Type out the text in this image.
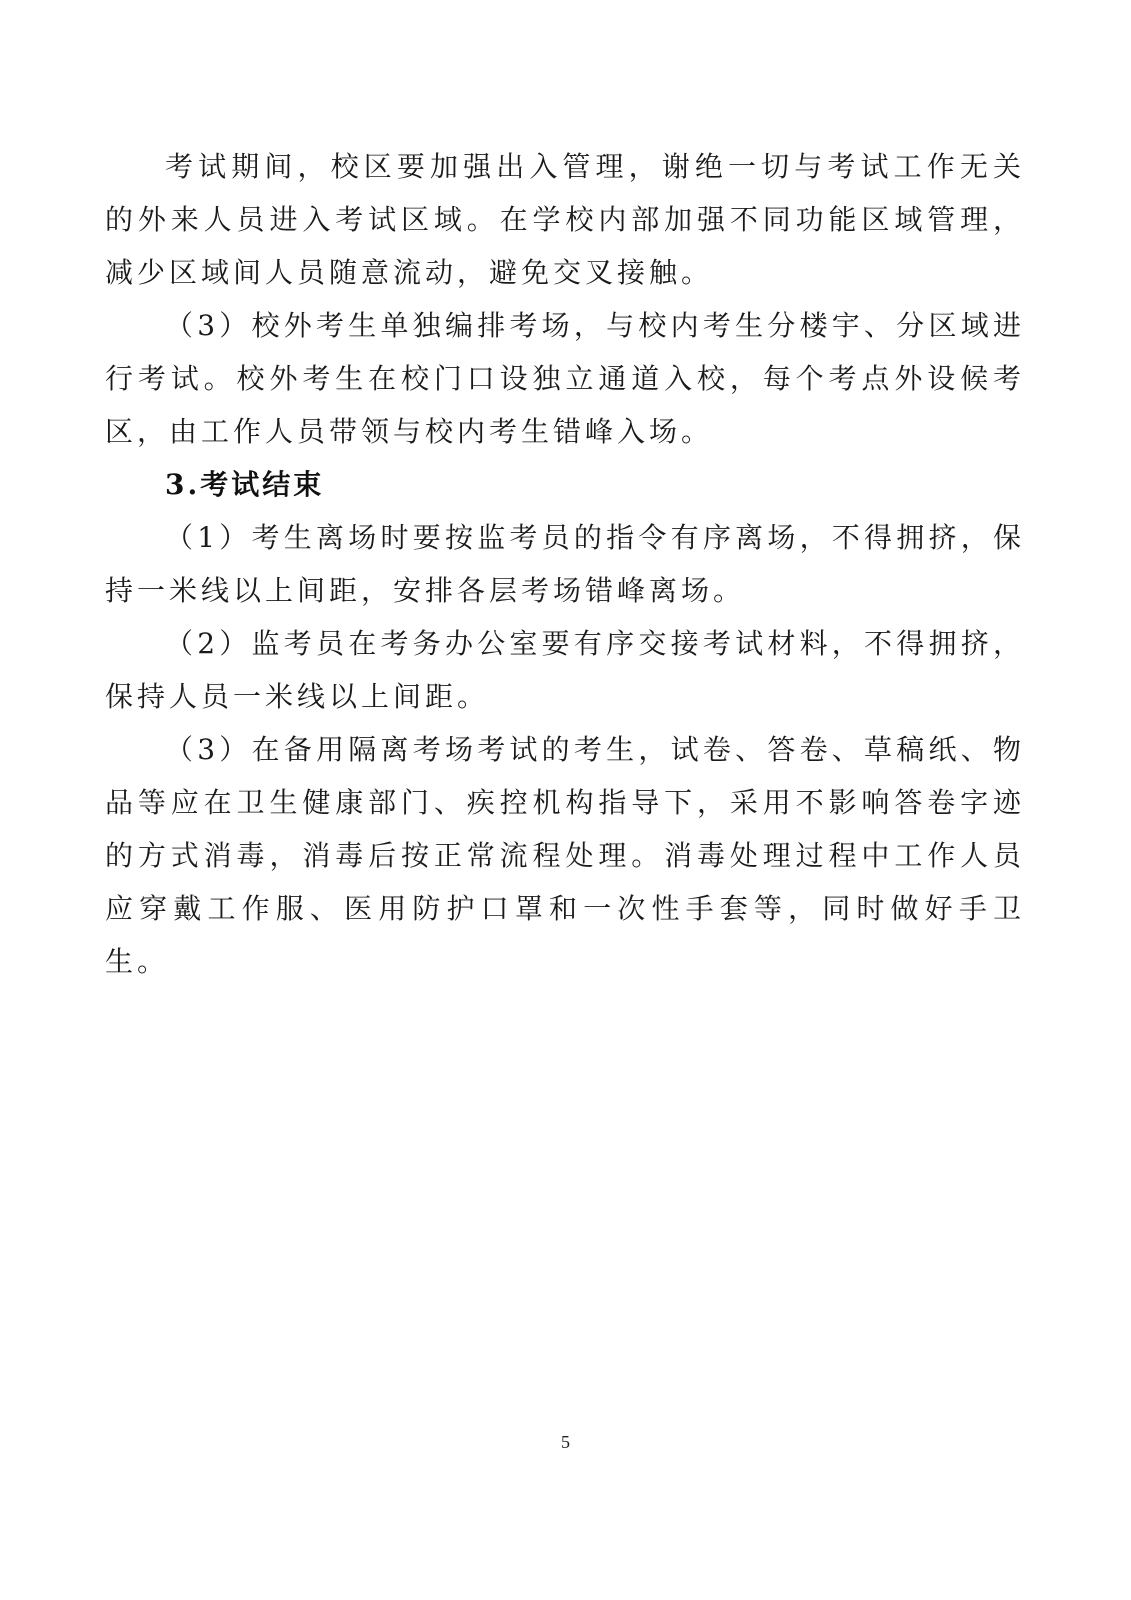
考试期间，校区要加强出入管理，谢绝一切与考试工作无关的外来人员进入考试区域。在学校内部加强不同功能区域管理，减少区域间人员随意流动，避免交叉接触。

（3）校外考生单独编排考场，与校内考生分楼宇、分区域进行考试。校外考生在校门口设独立通道入校，每个考点外设候考区，由工作人员带领与校内考生错峰入场。

3.考试结束

（1）考生离场时要按监考员的指令有序离场，不得拥挤，保持一米线以上间距，安排各层考场错峰离场。

（2）监考员在考务办公室要有序交接考试材料，不得拥挤，保持人员一米线以上间距。

（3）在备用隔离考场考试的考生，试卷、答卷、草稿纸、物品等应在卫生健康部门、疾控机构指导下，采用不影响答卷字迹的方式消毒，消毒后按正常流程处理。消毒处理过程中工作人员应穿戴工作服、医用防护口罩和一次性手套等，同时做好手卫生。

5
